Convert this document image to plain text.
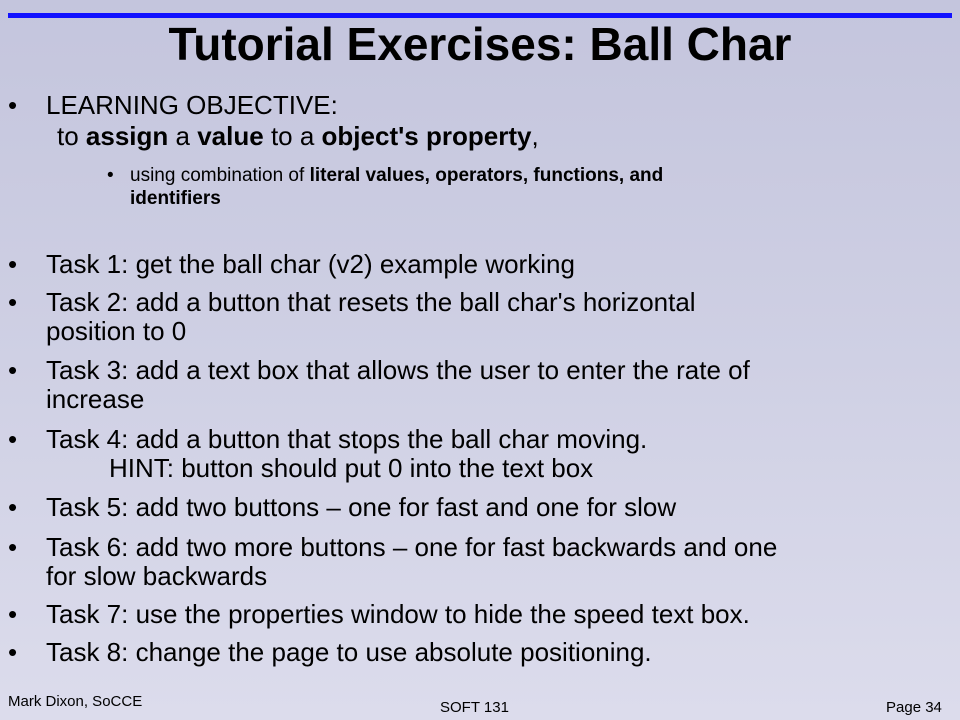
Tutorial Exercises: Ball Char
• LEARNING OBJECTIVE:
to assign a value to a object's property,
• using combination of literal values, operators, functions, and
identifiers
• Task 1: get the ball char (v2) example working
• Task 2: add a button that resets the ball char's horizontal
position to 0
• Task 3: add a text box that allows the user to enter the rate of
increase
• Task 4: add a button that stops the ball char moving.
HINT: button should put 0 into the text box
• Task 5: add two buttons – one for fast and one for slow
• Task 6: add two more buttons – one for fast backwards and one
for slow backwards
• Task 7: use the properties window to hide the speed text box.
• Task 8: change the page to use absolute positioning.
Mark Dixon, SoCCE	SOFT 131	Page 34
